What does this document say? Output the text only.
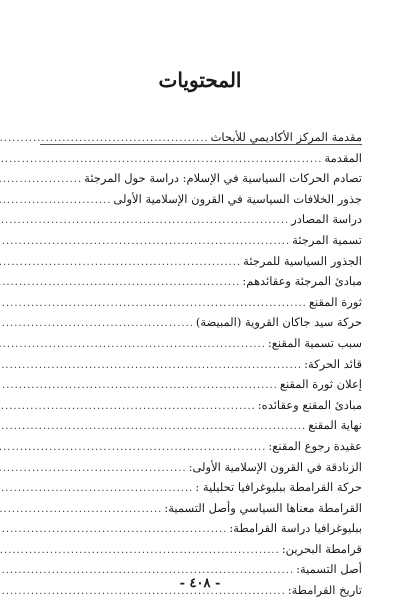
المحتويات
مقدمة المركز الأكاديمي للأبحاث
.....
المقدمة
.....
تصادم الحركات السياسية في الإسلام: دراسة حول المرجئة
.....
جذور الخلافات السياسية في القرون الإسلامية الأولى
.....
دراسة المصادر
.....
تسمية المرجئة
.....
الجذور السياسية للمرجئة
.....
مبادئ المرجئة وعقائدهم:
.....
ثورة المقنع
.....
حركة سيد جاكان القروية (المبيضة)
.....
سبب تسمية المقنع:
.....
قائد الحركة:
.....
إعلان ثورة المقنع
.....
مبادئ المقنع وعقائده:
.....
نهاية المقنع
.....
عقيدة رجوع المقنع:
.....
الزنادقة في القرون الإسلامية الأولى:
.....
حركة القرامطة ببليوغرافيا تحليلية :
.....
القرامطة معناها السياسي وأصل التسمية:
.....
ببليوغرافيا دراسة القرامطة:
.....
قرامطة البحرين:
.....
أصل التسمية:
.....
تاريخ القرامطة:
.....
- ٤٠٨ -
